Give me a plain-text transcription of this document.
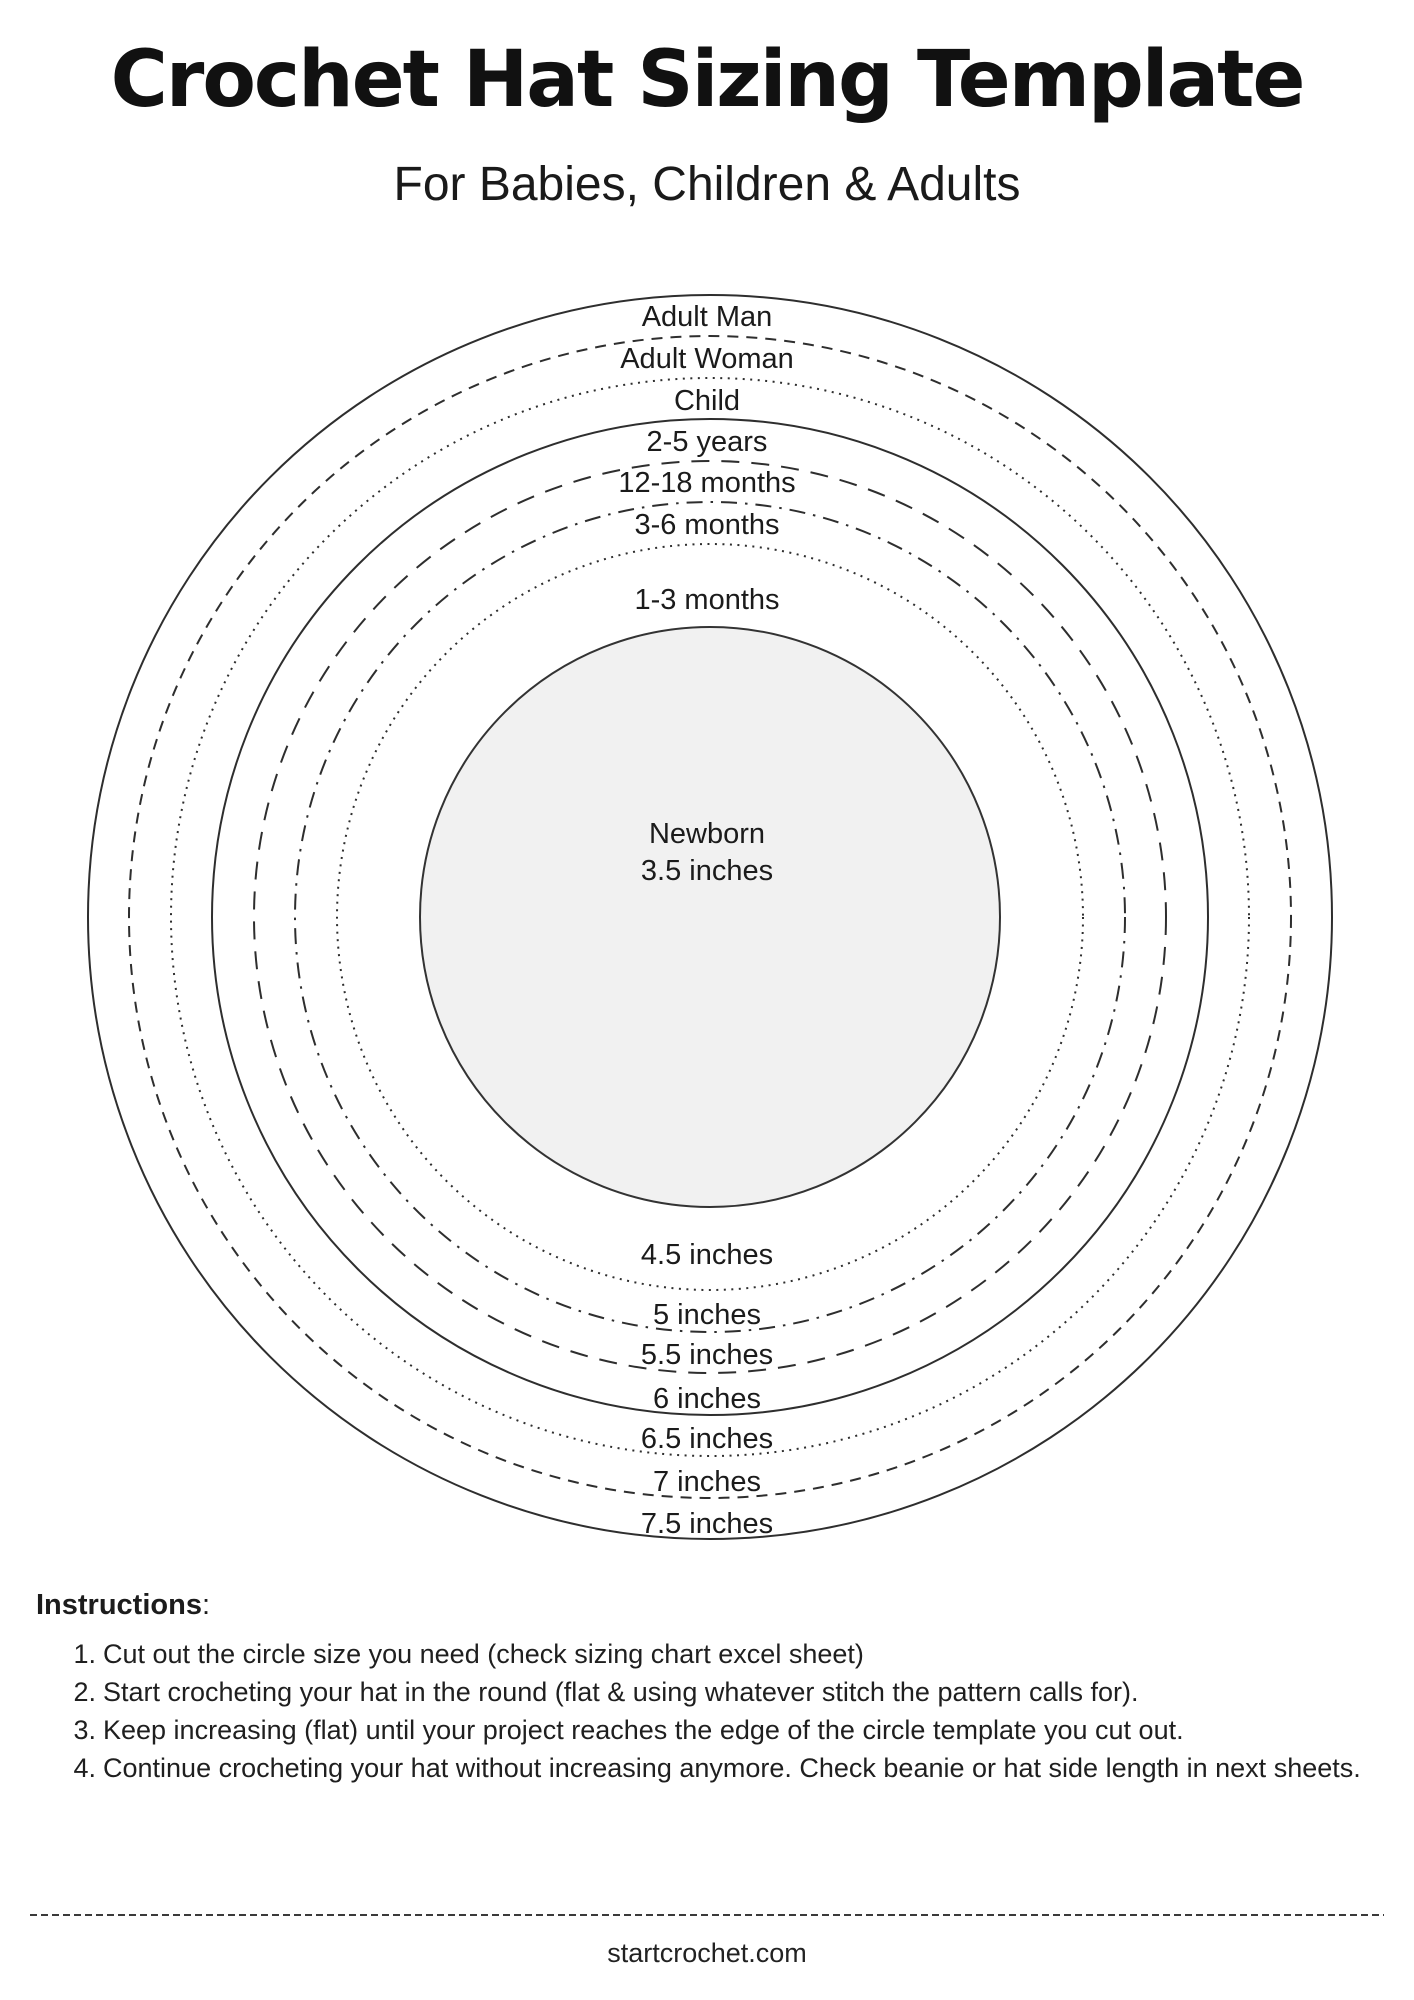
Crochet Hat Sizing Template
For Babies, Children & Adults
Adult Man
Adult Woman
Child
2-5 years
12-18 months
3-6 months
1-3 months
Newborn
3.5 inches
4.5 inches
5 inches
5.5 inches
6 inches
6.5 inches
7 inches
7.5 inches
Instructions:
Cut out the circle size you need (check sizing chart excel sheet)
Start crocheting your hat in the round (flat & using whatever stitch the pattern calls for).
Keep increasing (flat) until your project reaches the edge of the circle template you cut out.
Continue crocheting your hat without increasing anymore. Check beanie or hat side length in next sheets.
startcrochet.com
